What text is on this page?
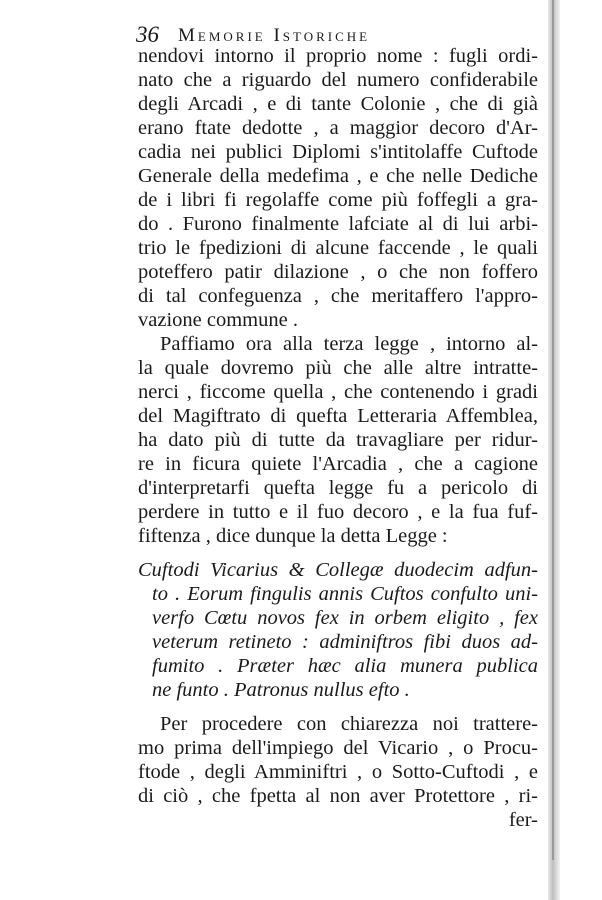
36 Memorie Istoriche
nendovi intorno il proprio nome : fugli ordi-
nato che a riguardo del numero confiderabile
degli Arcadi , e di tante Colonie , che di già
erano ftate dedotte , a maggior decoro d'Ar-
cadia nei publici Diplomi s'intitolaffe Cuftode
Generale della medefima , e che nelle Dediche
de i libri fi regolaffe come più foffegli a gra-
do . Furono finalmente lafciate al di lui arbi-
trio le fpedizioni di alcune faccende , le quali
poteffero patir dilazione , o che non foffero
di tal confeguenza , che meritaffero l'appro-
vazione commune .
Paffiamo ora alla terza legge , intorno al-
la quale dovremo più che alle altre intratte-
nerci , ficcome quella , che contenendo i gradi
del Magiftrato di quefta Letteraria Affemblea,
ha dato più di tutte da travagliare per ridur-
re in ficura quiete l'Arcadia , che a cagione
d'interpretarfi quefta legge fu a pericolo di
perdere in tutto e il fuo decoro , e la fua fuf-
fiftenza , dice dunque la detta Legge :
Cuftodi Vicarius & Collegæ duodecim adfun-
to . Eorum fingulis annis Cuftos confulto uni-
verfo Cœtu novos fex in orbem eligito , fex
veterum retineto : adminiftros fibi duos ad-
fumito . Præter hæc alia munera publica
ne funto . Patronus nullus efto .
Per procedere con chiarezza noi trattere-
mo prima dell'impiego del Vicario , o Procu-
ftode , degli Amminiftri , o Sotto-Cuftodi , e
di ciò , che fpetta al non aver Protettore , ri-
fer-
